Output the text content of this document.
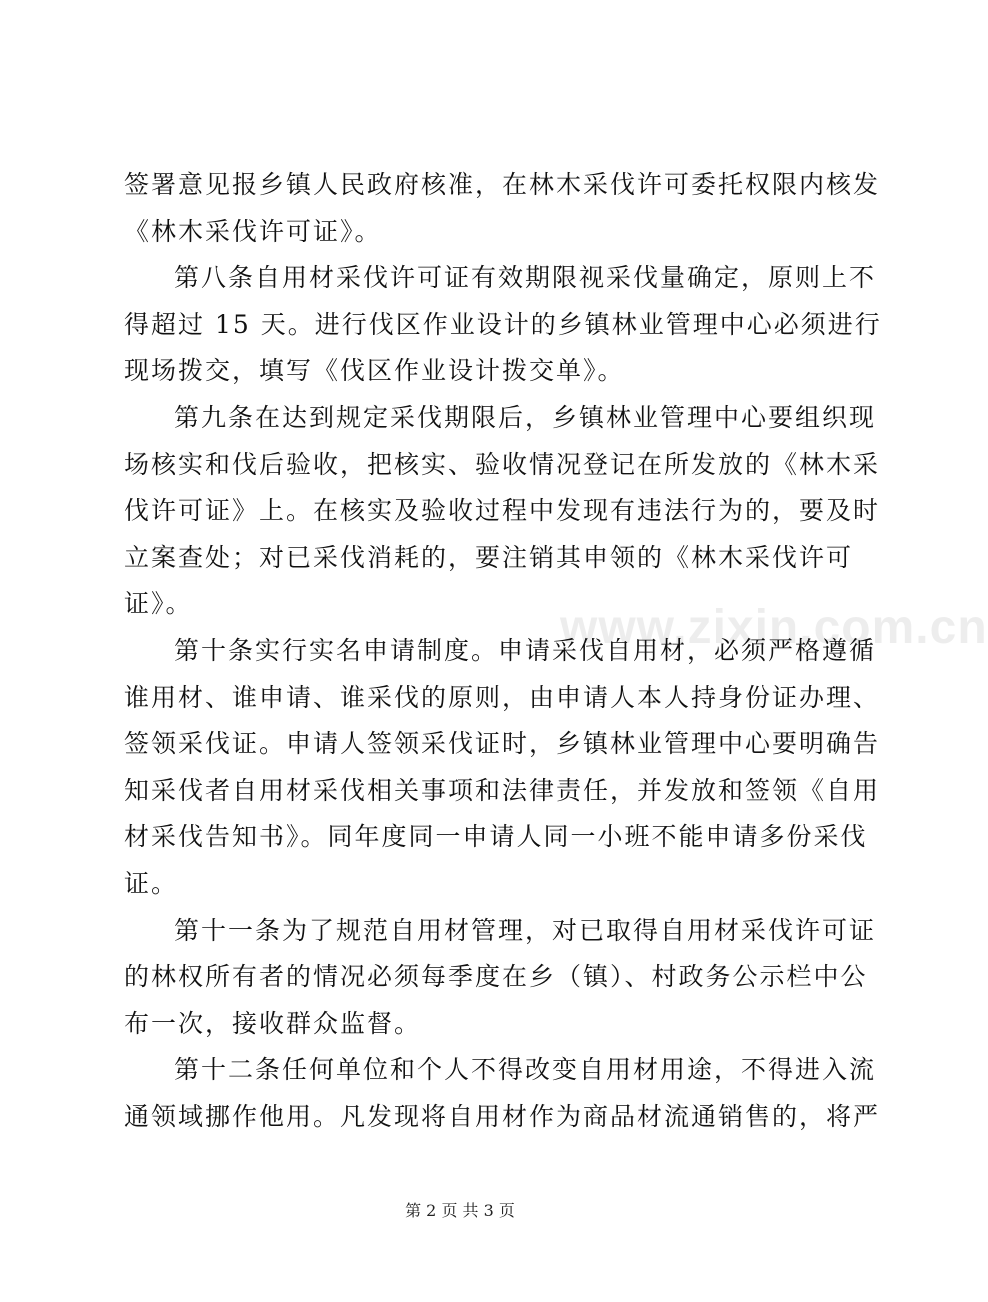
www.zixin.com.cn
签署意见报乡镇人民政府核准，在林木采伐许可委托权限内核发
《林木采伐许可证》。
第八条自用材采伐许可证有效期限视采伐量确定，原则上不
得超过 15 天。进行伐区作业设计的乡镇林业管理中心必须进行
现场拨交，填写《伐区作业设计拨交单》。
第九条在达到规定采伐期限后，乡镇林业管理中心要组织现
场核实和伐后验收，把核实、验收情况登记在所发放的《林木采
伐许可证》上。在核实及验收过程中发现有违法行为的，要及时
立案查处；对已采伐消耗的，要注销其申领的《林木采伐许可
证》。
第十条实行实名申请制度。申请采伐自用材，必须严格遵循
谁用材、谁申请、谁采伐的原则，由申请人本人持身份证办理、
签领采伐证。申请人签领采伐证时，乡镇林业管理中心要明确告
知采伐者自用材采伐相关事项和法律责任，并发放和签领《自用
材采伐告知书》。同年度同一申请人同一小班不能申请多份采伐
证。
第十一条为了规范自用材管理，对已取得自用材采伐许可证
的林权所有者的情况必须每季度在乡（镇）、村政务公示栏中公
布一次，接收群众监督。
第十二条任何单位和个人不得改变自用材用途，不得进入流
通领域挪作他用。凡发现将自用材作为商品材流通销售的，将严
第 2 页 共 3 页
